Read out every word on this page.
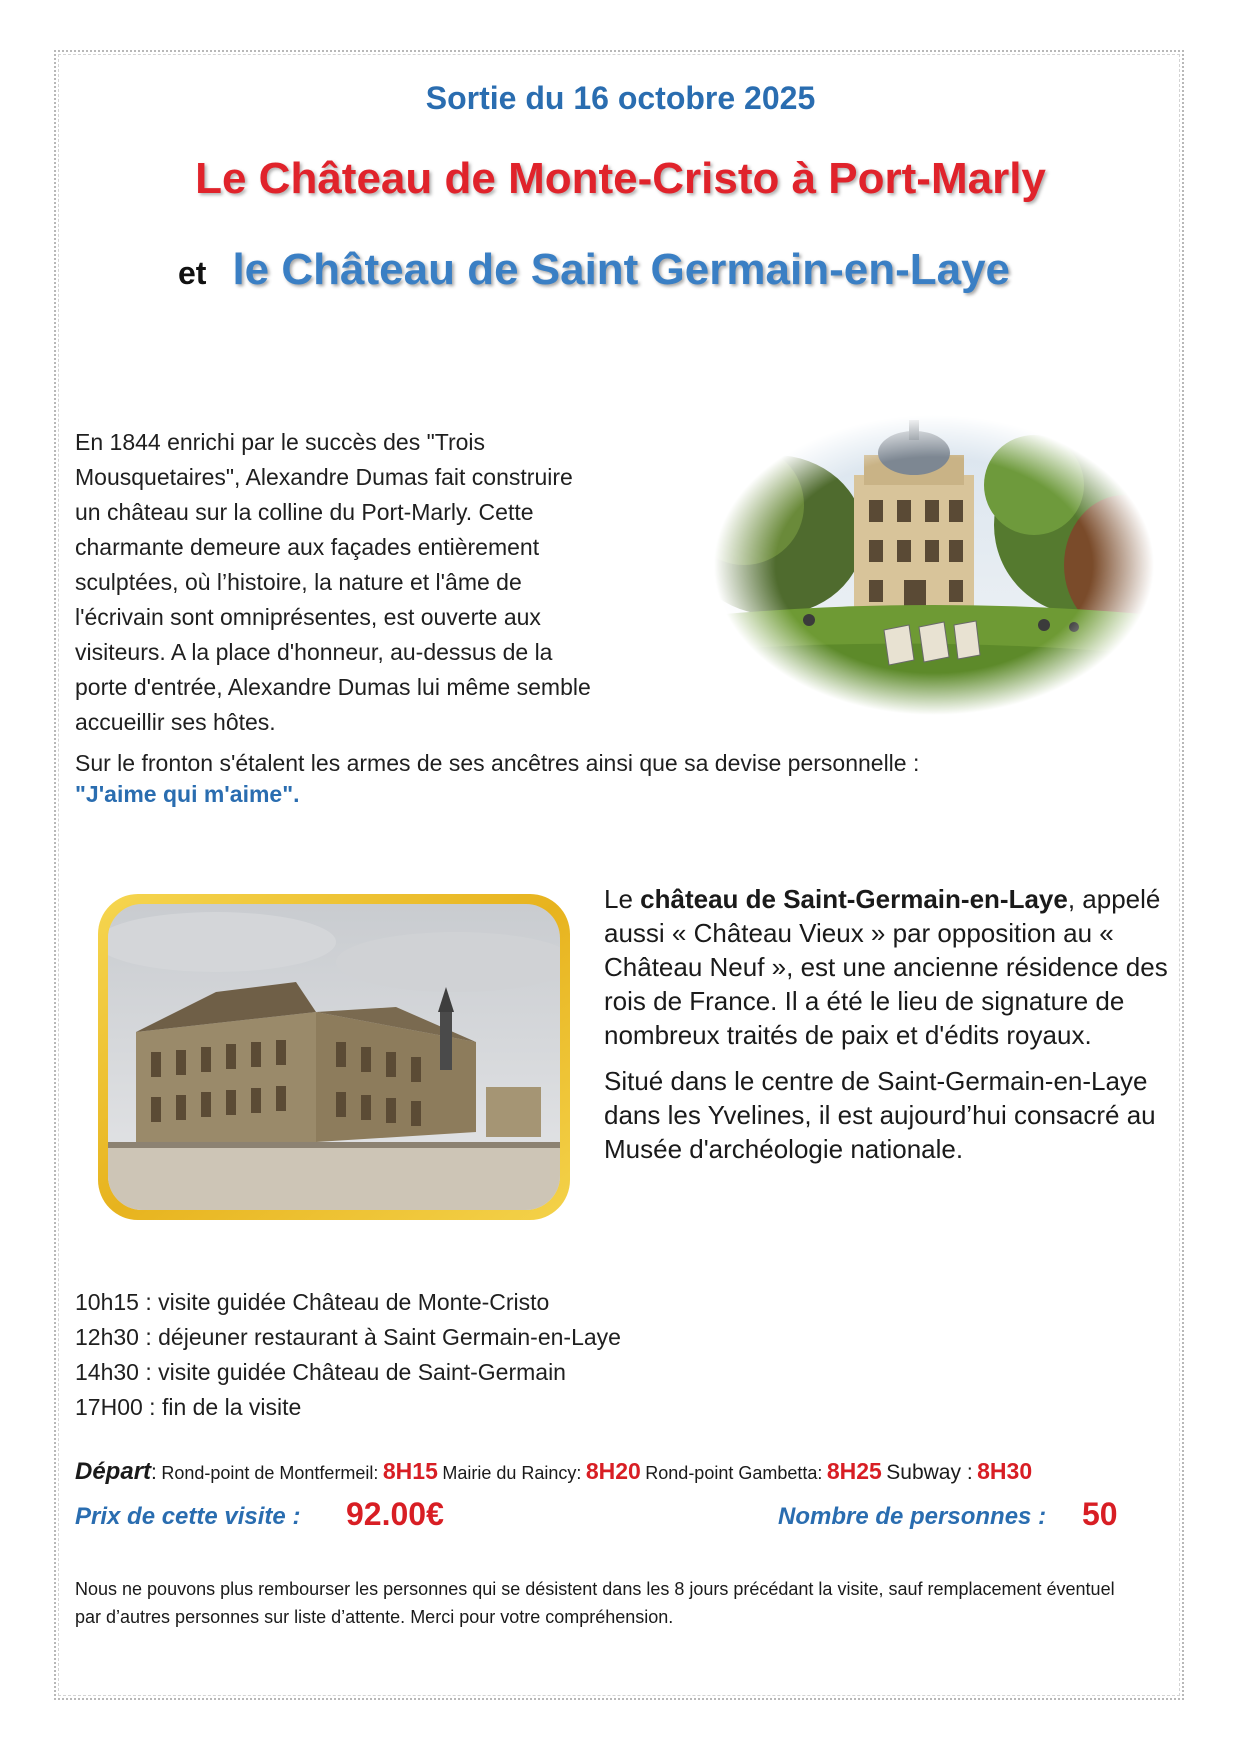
Sortie du 16 octobre 2025
Le Château de Monte-Cristo à Port-Marly
et le Château de Saint Germain-en-Laye
En 1844 enrichi par le succès des "Trois
Mousquetaires", Alexandre Dumas fait construire
un château sur la colline du Port-Marly. Cette
charmante demeure aux façades entièrement
sculptées, où l’histoire, la nature et l'âme de
l'écrivain sont omniprésentes, est ouverte aux
visiteurs. A la place d'honneur, au-dessus de la
porte d'entrée, Alexandre Dumas lui même semble
accueillir ses hôtes.
Sur le fronton s'étalent les armes de ses ancêtres ainsi que sa devise personnelle :
"J'aime qui m'aime".

Le château de Saint-Germain-en-Laye, appelé aussi « Château Vieux » par opposition au « Château Neuf », est une ancienne résidence des rois de France. Il a été le lieu de signature de nombreux traités de paix et d'édits royaux.

Situé dans le centre de Saint-Germain-en-Laye dans les Yvelines, il est aujourd’hui consacré au Musée d'archéologie nationale.

10h15 : visite guidée Château de Monte-Cristo
12h30 : déjeuner restaurant à Saint Germain-en-Laye
14h30 : visite guidée Château de Saint-Germain
17H00 : fin de la visite
Départ: Rond-point de Montfermeil: 8H15 Mairie du Raincy: 8H20 Rond-point Gambetta: 8H25 Subway : 8H30
Prix de cette visite : 92.00€	Nombre de personnes : 50
Nous ne pouvons plus rembourser les personnes qui se désistent dans les 8 jours précédant la visite, sauf remplacement éventuel par d’autres personnes sur liste d’attente. Merci pour votre compréhension.
